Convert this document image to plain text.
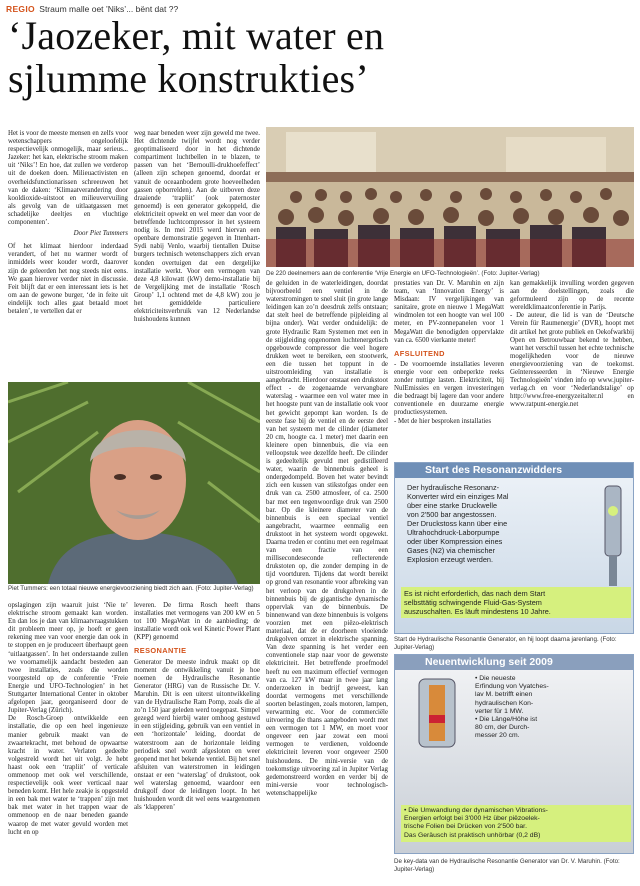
REGIO Straum malle oet ’Niks’... bënt dat ??
‘Jaozeker, mit water en
sjlumme konstrukties’

Het is voor de meeste mensen en zelfs voor wetenschappers ongeloofelijk respectievelijk onmogelijk, maar serieus... Jazeker: het kan, elektrische stroom maken uit ‘Niks’! En hoe, dat zullen we verderop uit de doeken doen. Milieuactivisten en overheidsfunctionarissen schreeuwen het van de daken: ‘Klimaatverandering door kooldioxide-uitstoot en milieuvervuiling als gevolg van de uitlaatgassen met schadelijke deeltjes en vluchtige componenten’.

Door Piet Tummers

Of het klimaat hierdoor inderdaad verandert, of het nu warmer wordt of inmiddels weer kouder wordt, daarover zijn de geleerden het nog steeds niet eens. We gaan hierover verder niet in discussie. Feit blijft dat er een interessant iets is het om aan de gewone burger, ‘de in feite uit eindelijk toch alles gaat betaald moet betalen’, te vertellen dat er

weg naar beneden weer zijn geweld me twee. Het dichtende twijfel wordt nog verder geoptimaliseerd door in het dichtende compartiment luchtbellen in te blazen, te passen van het ‘Bernoulli-drukhoefeffect’ (alleen zijn schepen genoemd, doordat er vanuit de oceaanbodem grote hoeveelheden gassen opborrelden). Aan de uitboven deze draaiende ‘trapliit’ (ook paternoster genoemd) is een generator gekoppeld, die elektriciteit opwekt en wel meer dan voor de betreffende luchtcompressor in het systeem nodig is. In mei 2015 werd hiervan een openbare demonstratie gegeven in Ittenhart-Sydi nabij Venlo, waarbij tientallen Duitse burgers technisch wetenschappers zich ervan konden overtuigen dat een dergelijke installatie werkt. Voor een vermogen van deze 4,8 kilowatt (kW) demo-installatie bij de Vergelijking met de installatie ‘Rosch Group’ 1,1 ochtend met de 4,8 kW) zou je het gemiddelde particuliere elektriciteitsverbruik van 12 Nederlandse huishoudens kunnen

De 220 deelnemers aan de conferentie ‘Vrije Energie en UFO-Technologieën’. (Foto: Jupiter-Verlag)
Piet Tummers: een totaal nieuwe energievoorziening biedt zich aan. (Foto: Jupiter-Verlag)

opslagingen zijn waaruit juist ‘Nie te’ elektrische stroom gemaakt kan worden. En dan los je dan van klimaatvraagstukken dit probleem meer op, je hoeft er geen rekening mee van voor energie dan ook in te stoppen en je produceert überhaupt geen ‘uitlaatgassen’. In het onderstaande zullen we voornamelijk aandacht besteden aan twee installaties, zoals die worden voorgesteld op de conferentie ‘Freie Energie und UFO-Technologien’ in het Stuttgarter International Center in oktober afgelopen jaar, georganiseerd door de Jupiter-Verlag (Zürich).
De Rosch-Groep ontwikkelde een installatie, die op een heel ingenieuze manier gebruik maakt van de zwaartekracht, met behoud de opwaartse kracht in water. Verlaten gedeelte volgestreld wordt het uit volgt. Je hebt haast ook een ‘trapliit’ of verticale ommenoop met ook wel verschillende, respectievelijk ook weer verticaal naar beneden komt. Het hele zeakje is opgesteld in een bak met water te ‘trappen’ zijn met bak met water in het trappen waar de ommenoop en de naar beneden gaande waarop de met water gevuld worden met lucht en op

leveren. De firma Rosch heeft thans installaties met vermogens van 200 kW en 5 tot 100 MegaWatt in de aanbieding; de installatie wordt ook wel Kinetic Power Plant (KPP) genoemd

RESONANTIE

Generator De meeste indruk maakt op dit moment de ontwikkeling vanuit je hoe noemen de Hydraulische Resonantie Generator (HRG) van de Russische Dr. V. Maruhin. Dit is een uiterst uitontwikkeling van de Hydraulische Ram Pomp, zoals die al zo’n 150 jaar geleden werd toegepast. Simpel gezegd werd hierbij water omhoog gestuwd in een stijgleiding, gebruik van een ventiel in een ‘horizontale’ leiding, doordat de waterstroom aan de horizontale leiding periodiek snel wordt afgesloten en weer geopend met het bekende ventiel. Bij het snel afsluiten van waterstromen in leidingen onstaat er een ‘waterslag’ of drukstoot, ook wel waterslag genoemd, waardoor een drukgolf door de leidingen loopt. In het huishouden wordt dit wel eens waargenomen als ‘klapperen’

de geluiden in de waterleidingen, doordat bijvoorbeeld een ventiel in de waterstromingen te snel sluit (in grote lange leidingen kan zo’n deesdruk zelfs ontstaan; dat stelt heel de betreffende pijpleiding al bijna onder). Wat verder onduidelijk: de grote Hydraulic Ram Systemen met een in de stijgleiding opgenomen luchtenergetisch opgebouwde compressor die veel hogere drukken weet te bereiken, een stootwerk, een die tussen het toppunt in de uitstroomleiding van installatie is aangebracht. Hierdoor onstaat een drukstoot effect - de zogenaamde vervangbare waterslag - waarmee een vol water mee in het hoogste punt van de installatie ook voor het gewicht gepompt kan worden. Is de eerste fase bij de ventiel en de eerste deel van het systeem met de cilinder (diameter 20 cm, hoogte ca. 1 meter) met daarin een kleinere open binnenbuis, die via een velloopstuk wee dezelfde heeft. De cilinder is gedeeltelijk gevuld met gedistilleerd water, waarin de binnenbuis geheel is ondergedompeld. Boven het water bevindt zich een kussen van stikstofgas onder een druk van ca. 2500 atmosfeer, of ca. 2500 bar met een tegenwoordige druk van 2500 bar. Op die kleinere diameter van de binnenbuis is een speciaal ventiel aangebracht, waarmee eenmalig een drukstoot in het systeem wordt opgewekt. Daarna treden er continu met een regelmaat van een fractie van een millisecondeseconde reflecterende drukstoten op, die zonder demping in de tijd voortduren. Tijdens dat wordt bereikt op grond van resonantie voor afbreking van het verloop van de drukgolven in de binnenbuis bij de gigantische dynamische oppervlak van de binnenbuis. De binnenwand van deze binnenbuis is volgens voorzien met een piëzo-elektrisch materiaal, dat de er doorheen vloeiende drukgolven omzet in elektrische spanning. Van deze spanning is het verder een conventionele stap naar voor de gewenste elektriciteit. Het betreffende proefmodel heeft nu een maximum effectief vermogen van ca. 127 kW maar in twee jaar lang onderzoeken in bedrijf geweest, kan doordat vermogens met verschillende soorten belastingen, zoals motoren, lampen, verwarming etc. Voor de commerciële uitvoering die thans aangeboden wordt met een vermogen tot 1 MW, en moet voor ongeveer een jaar zowat een mooi vermogen te verdienen, voldoende elektriciteit leveren voor ongeveer 2500 huishoudens. De mini-versie van de toekomstige uitvoering zal in Jupiter Verlag gedemonstreerd worden en verder bij de mini-versie voor technologisch-wetenschappelijke

prestaties van Dr. V. Maruhin en zijn team, van ‘Innovation Energy’ is Misdaan: IV vergelijkingen van sanitaire, grote en nieuwe 1 MegaWatt windmolen tot een hoogte van wel 100 meter, en PV-zonnepanelen voor 1 MegaWatt die benodigden oppervlakte van ca. 6500 vierkante meter!

AFSLUITEND

- De voornoemde installaties leveren energie voor een onbeperkte reeks zonder nuttige lasten. Elektriciteit, bij NulEmissies en vergen investeringen die bedraagt bij lagere dan voor andere conventionele en duurzame energie productiesystemen.
- Met de hier besproken installaties

kan gemakkelijk invulling worden gegeven aan de doelstellingen, zoals die geformuleerd zijn op de recente wereldklimaatconferentie in Parijs.
- De auteur, die lid is van de ‘Deutsche Verein für Raumenergie’ (DVR), hoopt met dit artikel het grote publiek en Oekofwarkbij Open en Betrouwbaar bekend te hebben, want het verschil tussen het echte technische mogelijkheden voor de nieuwe energievoorziening van de toekomst. Geïnteresseerden in ‘Nieuwe Energie Technologieën’ vinden info op www.jupiter-verlag.ch en voor ‘Nederlandstalige’ op http://www.free-energyzeitalter.nl en www.ratpunt-energie.net

Start des Resonanzwidders
Der hydraulische Resonanz-
Konverter wird ein einziges Mal
über eine starke Druckwelle
von 2'500 bar angestossen.
Der Druckstoss kann über eine
Ultrahochdruck-Laborpumpe
oder über Kompression eines
Gases (N2) via chemischer
Explosion erzeugt werden.
Es ist nicht erforderlich, das nach dem Start
selbsttätig schwingende Fluid-Gas-System
auszuschalten. Es läuft mindestens 10 Jahre.
Start de Hydraulische Resonantie Generator, en hij loopt daarna jarenlang. (Foto: Jupiter-Verlag)
Neuentwicklung seit 2009
• Die neueste
Erfindung von Vyatches-
lav M. betrifft einen
hydraulischen Kon-
verter für 1 MW.
• Die Länge/Höhe ist
80 cm, der Durch-
messer 20 cm.
• Die Umwandlung der dynamischen Vibrations-
Energien erfolgt bei 3'000 Hz über piëzoelek-
trische Folien bei Drücken von 2'500 bar.
Das Geräusch ist praktisch unhörbar (0,2 dB)
De key-data van de Hydraulische Resonantie Generator van Dr. V. Maruhin. (Foto: Jupiter-Verlag)
